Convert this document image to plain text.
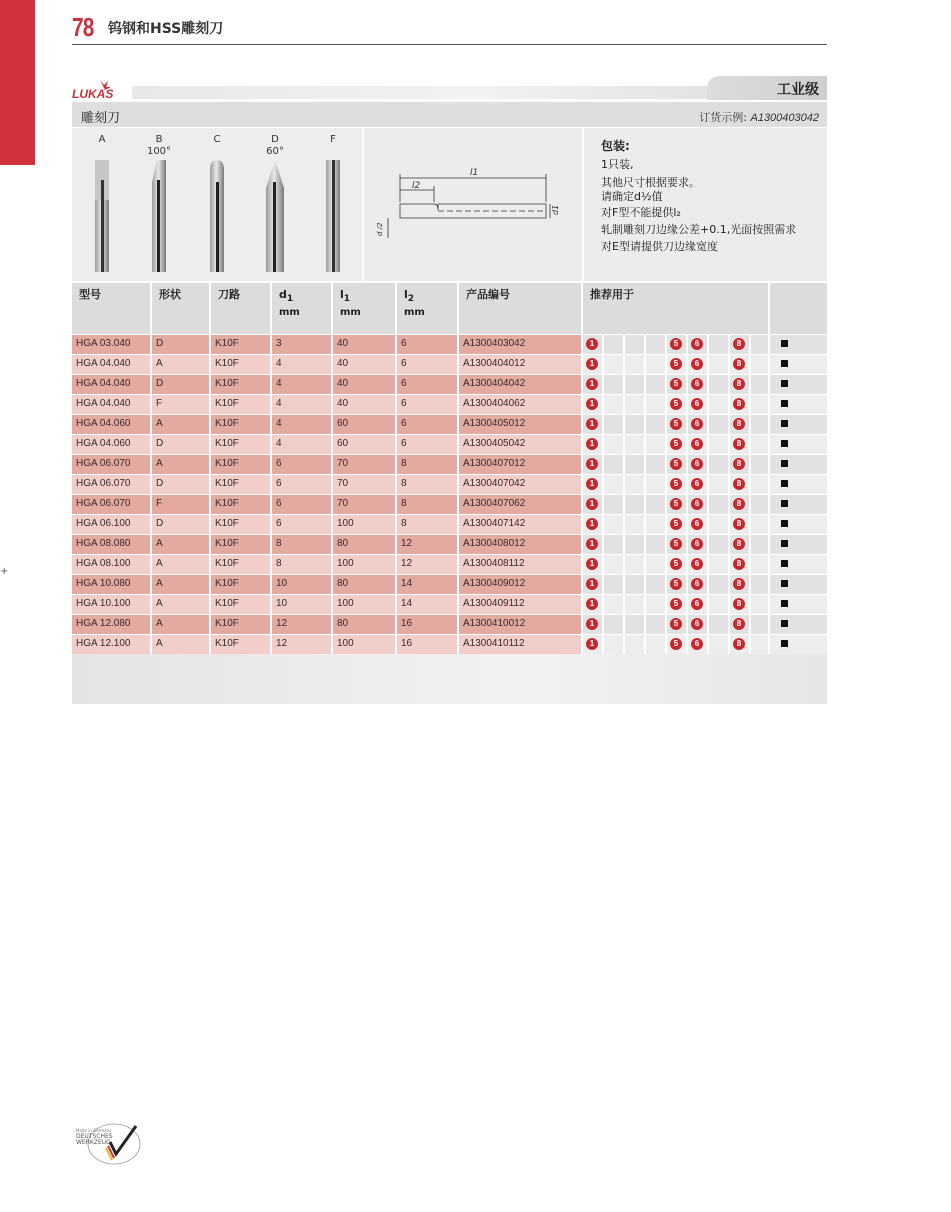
78 钨钢和HSS雕刻刀
+
LUKAS	工业级
雕刻刀	订货示例: A1300403042
A	B
100°
C	D
60°
F
l1
l2
d1
d /2
包装:
1只装,
其他尺寸根据要求。
请确定d½值
对F型不能提供l₂
轧制雕刻刀边缘公差+0.1,光面按照需求
对E型请提供刀边缘宽度
型号	形状	刀路	$d_1$
mm
$l_1$
mm
$l_2$
mm
产品编号	推荐用于
HGA 03.040	D	K10F	3	40	6	A1300403042	1	5	6	8
HGA 04.040	A	K10F	4	40	6	A1300404012	1	5	6	8
HGA 04.040	D	K10F	4	40	6	A1300404042	1	5	6	8
HGA 04.040	F	K10F	4	40	6	A1300404062	1	5	6	8
HGA 04.060	A	K10F	4	60	6	A1300405012	1	5	6	8
HGA 04.060	D	K10F	4	60	6	A1300405042	1	5	6	8
HGA 06.070	A	K10F	6	70	8	A1300407012	1	5	6	8
HGA 06.070	D	K10F	6	70	8	A1300407042	1	5	6	8
HGA 06.070	F	K10F	6	70	8	A1300407062	1	5	6	8
HGA 06.100	D	K10F	6	100	8	A1300407142	1	5	6	8
HGA 08.080	A	K10F	8	80	12	A1300408012	1	5	6	8
HGA 08.100	A	K10F	8	100	12	A1300408112	1	5	6	8
HGA 10.080	A	K10F	10	80	14	A1300409012	1	5	6	8
HGA 10.100	A	K10F	10	100	14	A1300409112	1	5	6	8
HGA 12.080	A	K10F	12	80	16	A1300410012	1	5	6	8
HGA 12.100	A	K10F	12	100	16	A1300410112	1	5	6	8
Made in Germany
DEUTSCHES
WERKZEUG
